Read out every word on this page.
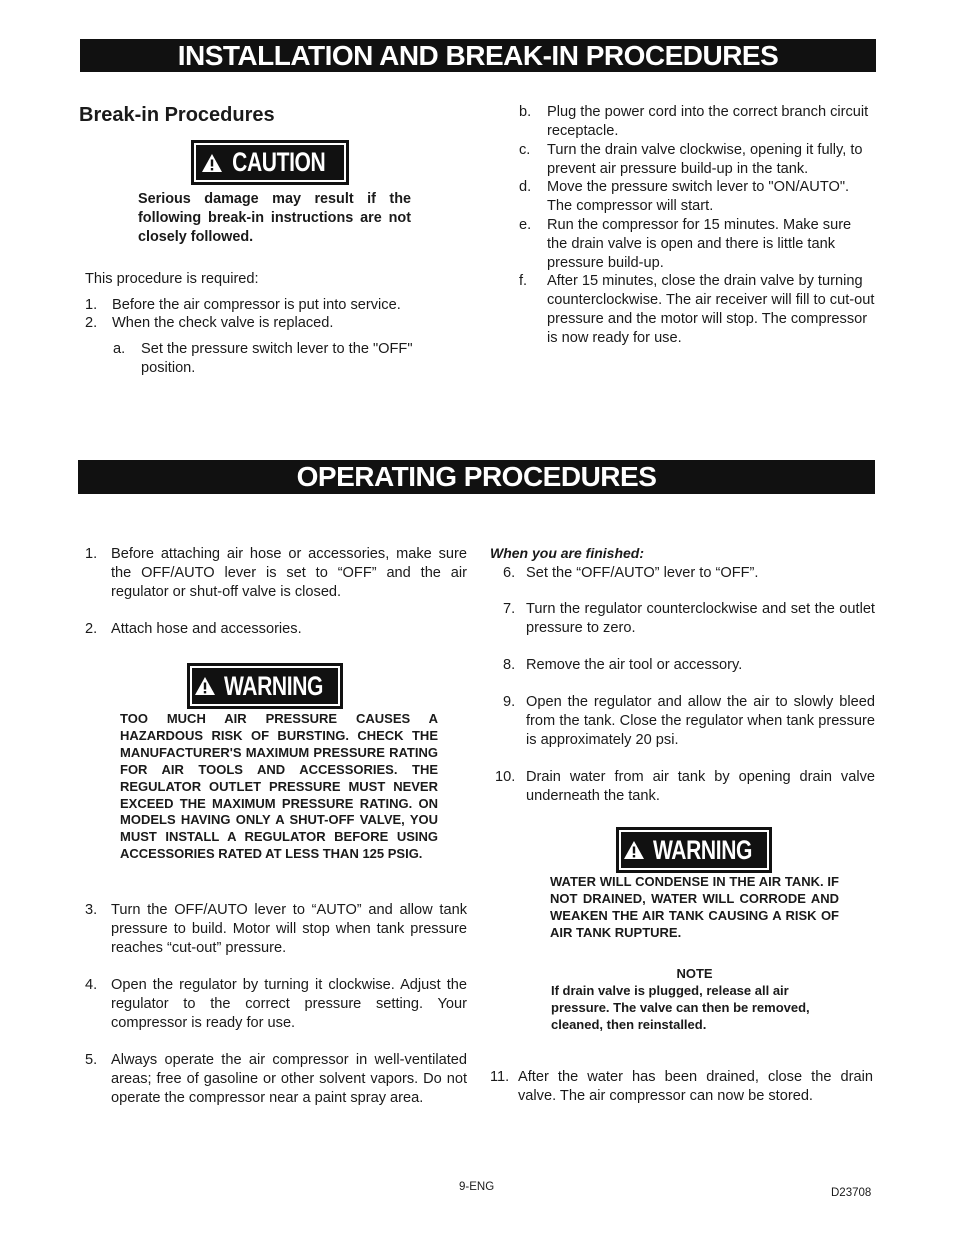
INSTALLATION AND BREAK-IN PROCEDURES
Break-in Procedures
CAUTION
Serious damage may result if the following break-in instructions are not closely followed.
This procedure is required:
1. Before the air compressor is put into service.
2. When the check valve is replaced.
a. Set the pressure switch lever to the "OFF" position.
b. Plug the power cord into the correct branch circuit receptacle.
c. Turn the drain valve clockwise, opening it fully, to prevent air pressure build-up in the tank.
d. Move the pressure switch lever to "ON/AUTO". The compressor will start.
e. Run the compressor for 15 minutes. Make sure the drain valve is open and there is little tank pressure build-up.
f. After 15 minutes, close the drain valve by turning counterclockwise. The air receiver will fill to cut-out pressure and the motor will stop. The compressor is now ready for use.
OPERATING PROCEDURES
1. Before attaching air hose or accessories, make sure the OFF/AUTO lever is set to “OFF” and the air regulator or shut-off valve is closed.
2. Attach hose and accessories.
WARNING
TOO MUCH AIR PRESSURE CAUSES A HAZARDOUS RISK OF BURSTING. CHECK THE MANUFACTURER'S MAXIMUM PRESSURE RATING FOR AIR TOOLS AND ACCESSORIES. THE REGULATOR OUTLET PRESSURE MUST NEVER EXCEED THE MAXIMUM PRESSURE RATING. ON MODELS HAVING ONLY A SHUT-OFF VALVE, YOU MUST INSTALL A REGULATOR BEFORE USING ACCESSORIES RATED AT LESS THAN 125 PSIG.
3. Turn the OFF/AUTO lever to “AUTO” and allow tank pressure to build. Motor will stop when tank pressure reaches “cut-out” pressure.
4. Open the regulator by turning it clockwise. Adjust the regulator to the correct pressure setting. Your compressor is ready for use.
5. Always operate the air compressor in well-ventilated areas; free of gasoline or other solvent vapors. Do not operate the compressor near a paint spray area.
When you are finished:
6. Set the “OFF/AUTO” lever to “OFF”.
7. Turn the regulator counterclockwise and set the outlet pressure to zero.
8. Remove the air tool or accessory.
9. Open the regulator and allow the air to slowly bleed from the tank. Close the regulator when tank pressure is approximately 20 psi.
10. Drain water from air tank by opening drain valve underneath the tank.
WARNING
WATER WILL CONDENSE IN THE AIR TANK. IF NOT DRAINED, WATER WILL CORRODE AND WEAKEN THE AIR TANK CAUSING A RISK OF AIR TANK RUPTURE.
NOTE
If drain valve is plugged, release all air pressure. The valve can then be removed, cleaned, then reinstalled.
11. After the water has been drained, close the drain valve. The air compressor can now be stored.
9-ENG	D23708
